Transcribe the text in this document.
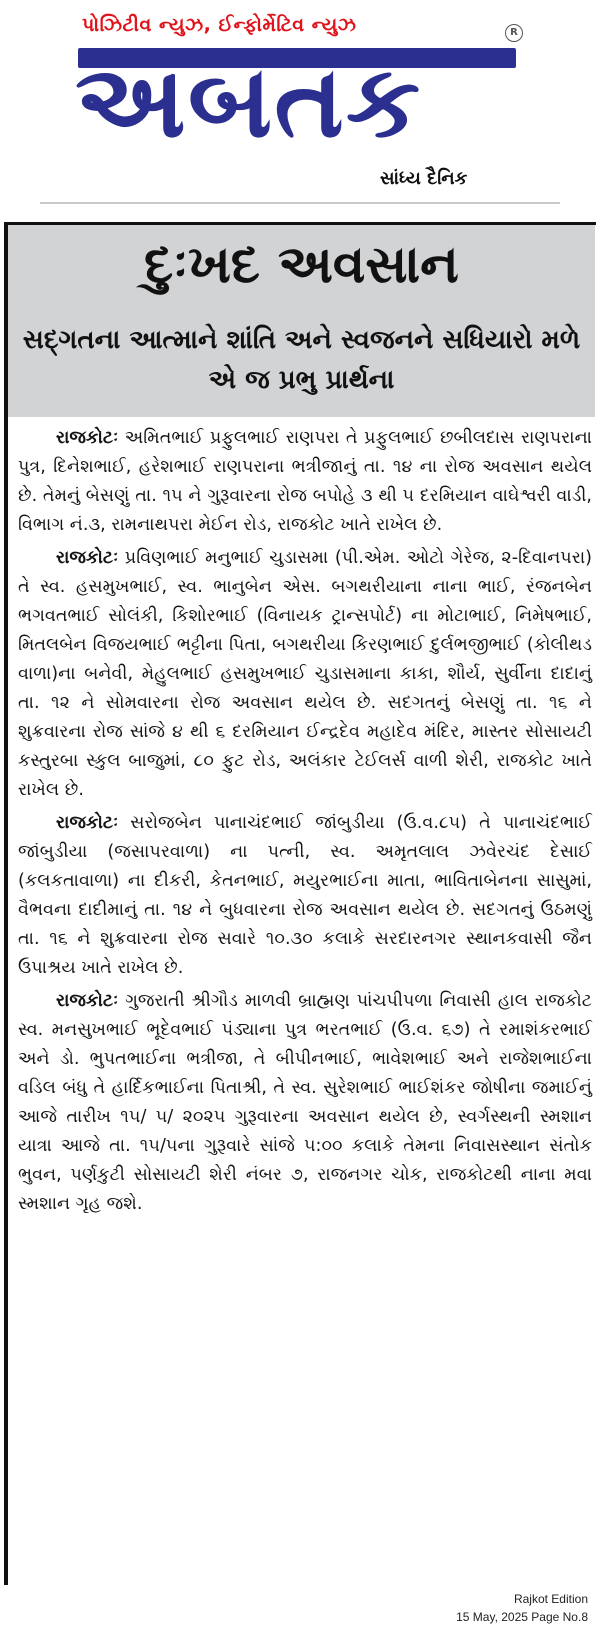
પોઝિટીવ ન્યુઝ, ઈન્ફોર્મેટિવ ન્યુઝ	R
અબતક
સાંધ્ય દૈનિક
દુઃખદ અવસાન
સદ્ગતના આત્માને શાંતિ અને સ્વજનને સધિયારો મળે એ જ પ્રભુ પ્રાર્થના

રાજકોટઃ અમિતભાઈ પ્રફુલભાઈ રાણપરા તે પ્રફુલભાઈ છબીલદાસ રાણપરાના પુત્ર, દિનેશભાઈ, હરેશભાઈ રાણપરાના ભત્રીજાનું તા. ૧૪ ના રોજ અવસાન થયેલ છે. તેમનું બેસણું તા. ૧૫ ને ગુરૂવારના રોજ બપોહે ૩ થી ૫ દરમિયાન વાઘેશ્વરી વાડી, વિભાગ નં.૩, રામનાથપરા મેઈન રોડ, રાજકોટ ખાતે રાખેલ છે.

રાજકોટઃ પ્રવિણભાઈ મનુભાઈ ચુડાસમા (પી.એમ. ઓટો ગેરેજ, ૨-દિવાનપરા) તે સ્વ. હસમુખભાઈ, સ્વ. ભાનુબેન એસ. બગથરીયાના નાના ભાઈ, રંજનબેન ભગવતભાઈ સોલંકી, કિશોરભાઈ (વિનાયક ટ્રાન્સપોર્ટ) ના મોટાભાઈ, નિમેષભાઈ, મિતલબેન વિજયભાઈ ભટ્ટીના પિતા, બગથરીયા કિરણભાઈ દુર્લભજીભાઈ (કોલીથડ વાળા)ના બનેવી, મેહુલભાઈ હસમુખભાઈ ચુડાસમાના કાકા, શૌર્ય, સુર્વીના દાદાનું તા. ૧૨ ને સોમવારના રોજ અવસાન થયેલ છે. સદગતનું બેસણું તા. ૧૬ ને શુક્રવારના રોજ સાંજે ૪ થી ૬ દરમિયાન ઈન્દ્રદેવ મહાદેવ મંદિર, માસ્તર સોસાયટી કસ્તુરબા સ્કુલ બાજુમાં, ૮૦ ફુટ રોડ, અલંકાર ટેઈલર્સ વાળી શેરી, રાજકોટ ખાતે રાખેલ છે.

રાજકોટઃ સરોજબેન પાનાચંદભાઈ જાંબુડીયા (ઉ.વ.૮૫) તે પાનાચંદભાઈ જાંબુડીયા (જસાપરવાળા) ના પત્ની, સ્વ. અમૃતલાલ ઝવેરચંદ દેસાઈ (કલકતાવાળા) ના દીકરી, કેતનભાઈ, મયુરભાઈના માતા, ભાવિતાબેનના સાસુમાં, વૈભવના દાદીમાનું તા. ૧૪ ને બુધવારના રોજ અવસાન થયેલ છે. સદગતનું ઉઠમણું તા. ૧૬ ને શુક્રવારના રોજ સવારે ૧૦.૩૦ કલાકે સરદારનગર સ્થાનકવાસી જૈન ઉપાશ્રય ખાતે રાખેલ છે.

રાજકોટઃ ગુજરાતી શ્રીગૌડ માળવી બ્રાહ્મણ પાંચપીપળા નિવાસી હાલ રાજકોટ સ્વ. મનસુખભાઈ ભૂદેવભાઈ પંડ્યાના પુત્ર ભરતભાઈ (ઉ.વ. ૬૭) તે રમાશંકરભાઈ અને ડો. ભુપતભાઈના ભત્રીજા, તે બીપીનભાઈ, ભાવેશભાઈ અને રાજેશભાઈના વડિલ બંધુ તે હાર્દિકભાઈના પિતાશ્રી, તે સ્વ. સુરેશભાઈ ભાઈશંકર જોષીના જમાઈનું આજે તારીખ ૧૫/ ૫/ ૨૦૨૫ ગુરૂવારના અવસાન થયેલ છે, સ્વર્ગસ્થની સ્મશાન યાત્રા આજે તા. ૧૫/૫ના ગુરૂવારે સાંજે ૫:૦૦ કલાકે તેમના નિવાસસ્થાન સંતોક ભુવન, પર્ણકુટી સોસાયટી શેરી નંબર ૭, રાજનગર ચોક, રાજકોટથી નાના મવા સ્મશાન ગૃહ જશે.

Rajkot Edition
15 May, 2025 Page No.8
